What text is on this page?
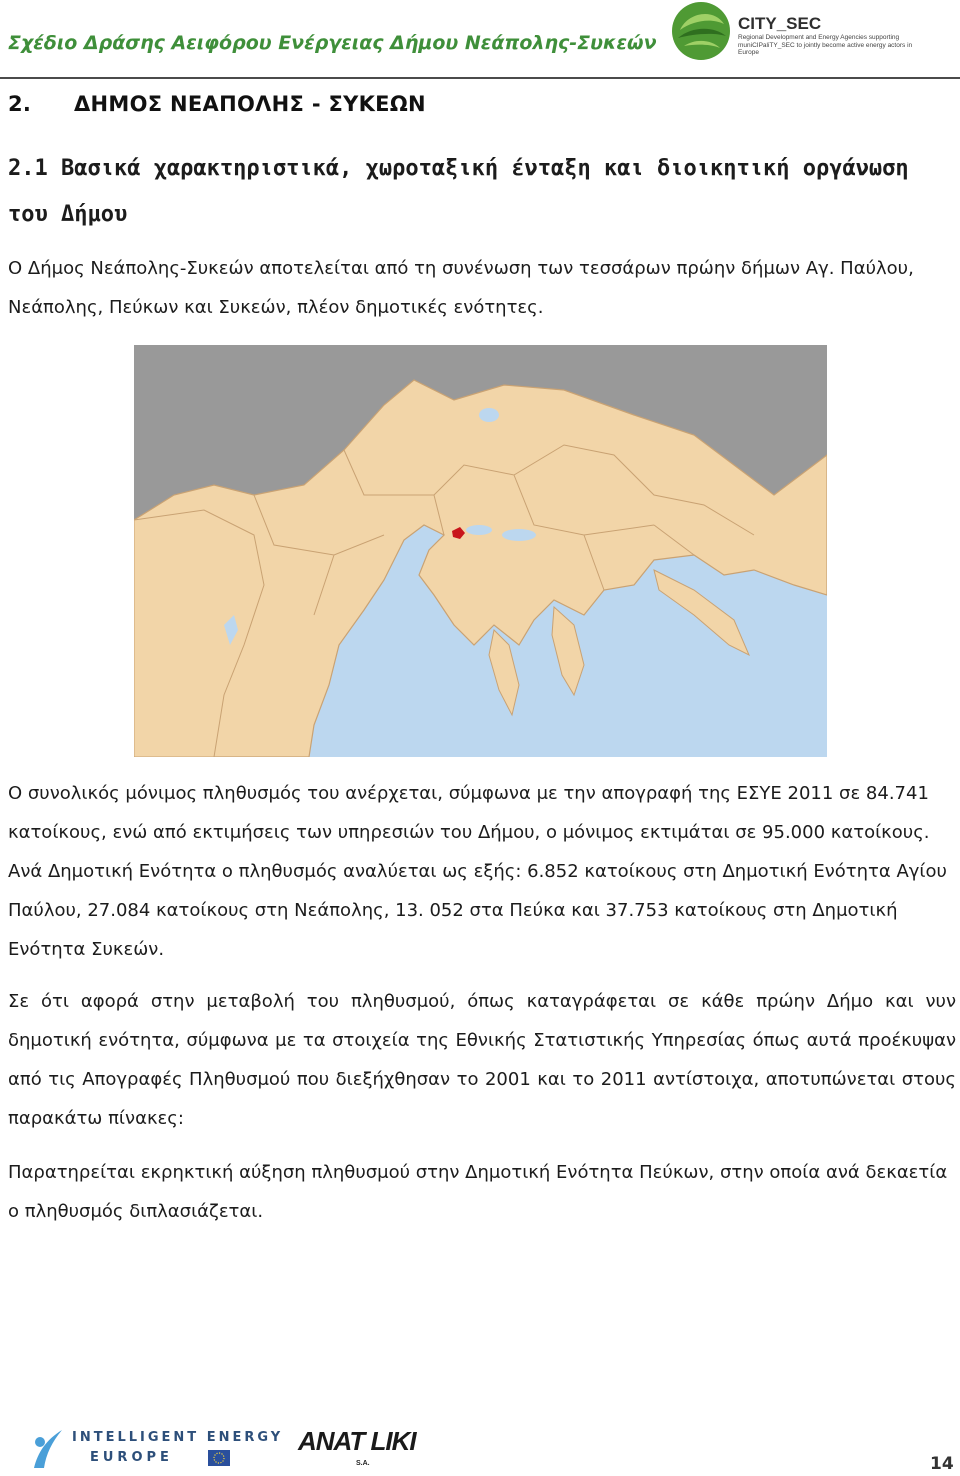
Σχέδιο Δράσης Αειφόρου Ενέργειας Δήμου Νεάπολης-Συκεών
CITY_SEC
Regional Development and Energy Agencies supporting muniCIPaliTY_SEC to jointly become active energy actors in Europe
2. ΔΗΜΟΣ ΝΕΑΠΟΛΗΣ - ΣΥΚΕΩΝ
2.1 Βασικά χαρακτηριστικά, χωροταξική ένταξη και διοικητική οργάνωση του Δήμου
Ο Δήμος Νεάπολης-Συκεών αποτελείται από τη συνένωση των τεσσάρων πρώην δήμων Αγ. Παύλου, Νεάπολης, Πεύκων και Συκεών, πλέον δημοτικές ενότητες.
Ο συνολικός μόνιμος πληθυσμός του ανέρχεται, σύμφωνα με την απογραφή της ΕΣΥΕ 2011 σε 84.741 κατοίκους, ενώ από εκτιμήσεις των υπηρεσιών του Δήμου, ο μόνιμος εκτιμάται σε 95.000 κατοίκους. Ανά Δημοτική Ενότητα ο πληθυσμός αναλύεται ως εξής: 6.852 κατοίκους στη Δημοτική Ενότητα Αγίου Παύλου, 27.084 κατοίκους στη Νεάπολης, 13. 052 στα Πεύκα και 37.753 κατοίκους στη Δημοτική Ενότητα Συκεών.
Σε ότι αφορά στην μεταβολή του πληθυσμού, όπως καταγράφεται σε κάθε πρώην Δήμο και νυν δημοτική ενότητα, σύμφωνα με τα στοιχεία της Εθνικής Στατιστικής Υπηρεσίας όπως αυτά προέκυψαν από τις Απογραφές Πληθυσμού που διεξήχθησαν το 2001 και το 2011 αντίστοιχα, αποτυπώνεται στους παρακάτω πίνακες:
Παρατηρείται εκρηκτική αύξηση πληθυσμού στην Δημοτική Ενότητα Πεύκων, στην οποία ανά δεκαετία ο πληθυσμός διπλασιάζεται.
INTELLIGENT ENERGY
EUROPE
ANAT LIKI
S.A.	14
